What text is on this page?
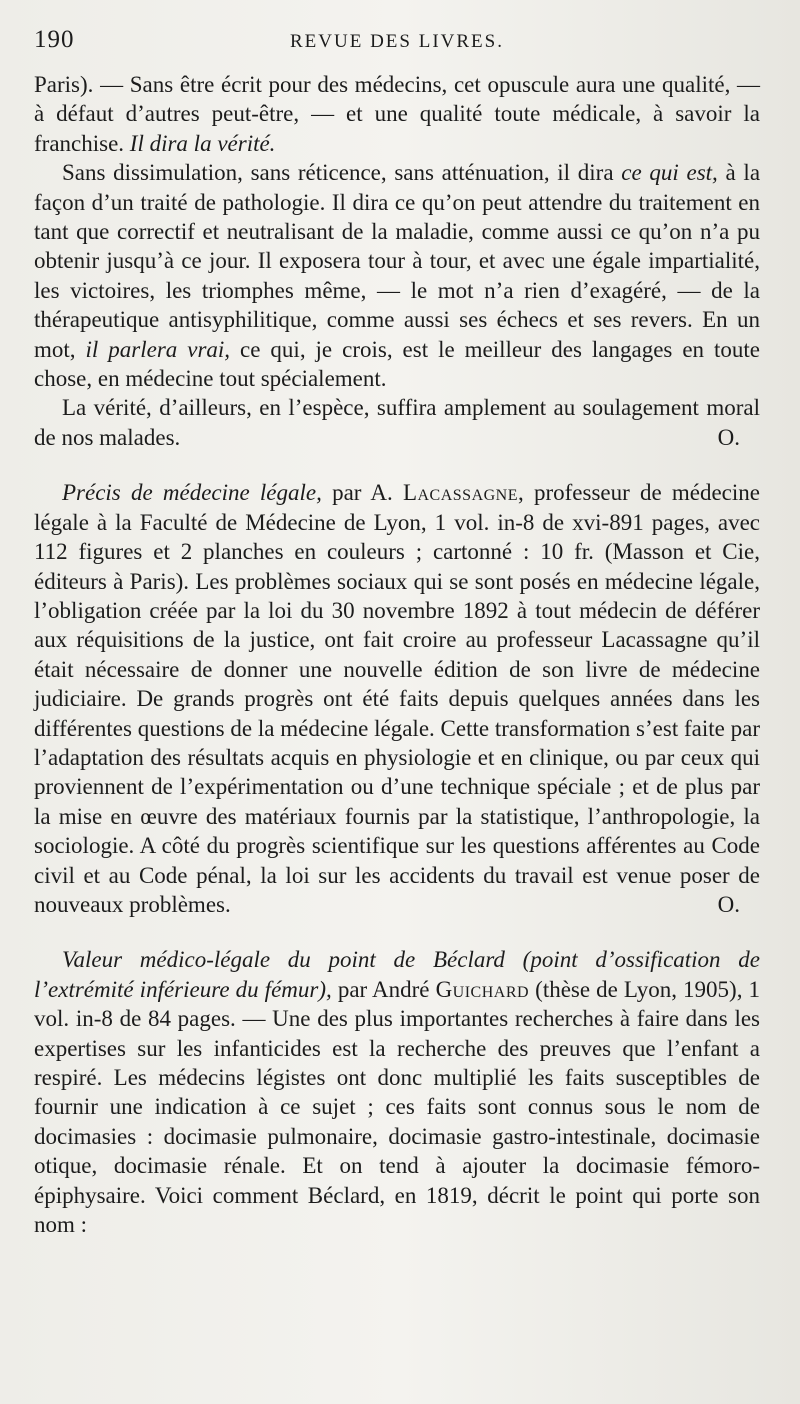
190	REVUE DES LIVRES.

Paris). — Sans être écrit pour des médecins, cet opuscule aura une qualité, — à défaut d’autres peut-être, — et une qualité toute médicale, à savoir la franchise. Il dira la vérité.

Sans dissimulation, sans réticence, sans atténuation, il dira ce qui est, à la façon d’un traité de pathologie. Il dira ce qu’on peut attendre du traitement en tant que correctif et neutralisant de la maladie, comme aussi ce qu’on n’a pu obtenir jusqu’à ce jour. Il exposera tour à tour, et avec une égale impartialité, les victoires, les triomphes même, — le mot n’a rien d’exagéré, — de la thérapeutique antisyphilitique, comme aussi ses échecs et ses revers. En un mot, il parlera vrai, ce qui, je crois, est le meilleur des langages en toute chose, en médecine tout spécialement.

La vérité, d’ailleurs, en l’espèce, suffira amplement au soulagement moral de nos malades.	O.

Précis de médecine légale, par A. Lacassagne, professeur de médecine légale à la Faculté de Médecine de Lyon, 1 vol. in-8 de xvi-891 pages, avec 112 figures et 2 planches en couleurs ; cartonné : 10 fr. (Masson et Cie, éditeurs à Paris). Les problèmes sociaux qui se sont posés en médecine légale, l’obligation créée par la loi du 30 novembre 1892 à tout médecin de déférer aux réquisitions de la justice, ont fait croire au professeur Lacassagne qu’il était nécessaire de donner une nouvelle édition de son livre de médecine judiciaire. De grands progrès ont été faits depuis quelques années dans les différentes questions de la médecine légale. Cette transformation s’est faite par l’adaptation des résultats acquis en physiologie et en clinique, ou par ceux qui proviennent de l’expérimentation ou d’une technique spéciale ; et de plus par la mise en œuvre des matériaux fournis par la statistique, l’anthropologie, la sociologie. A côté du progrès scientifique sur les questions afférentes au Code civil et au Code pénal, la loi sur les accidents du travail est venue poser de nouveaux problèmes.	O.

Valeur médico-légale du point de Béclard (point d’ossification de l’extrémité inférieure du fémur), par André Guichard (thèse de Lyon, 1905), 1 vol. in-8 de 84 pages. — Une des plus importantes recherches à faire dans les expertises sur les infanticides est la recherche des preuves que l’enfant a respiré. Les médecins légistes ont donc multiplié les faits susceptibles de fournir une indication à ce sujet ; ces faits sont connus sous le nom de docimasies : docimasie pulmonaire, docimasie gastro-intestinale, docimasie otique, docimasie rénale. Et on tend à ajouter la docimasie fémoro-épiphysaire. Voici comment Béclard, en 1819, décrit le point qui porte son nom :
